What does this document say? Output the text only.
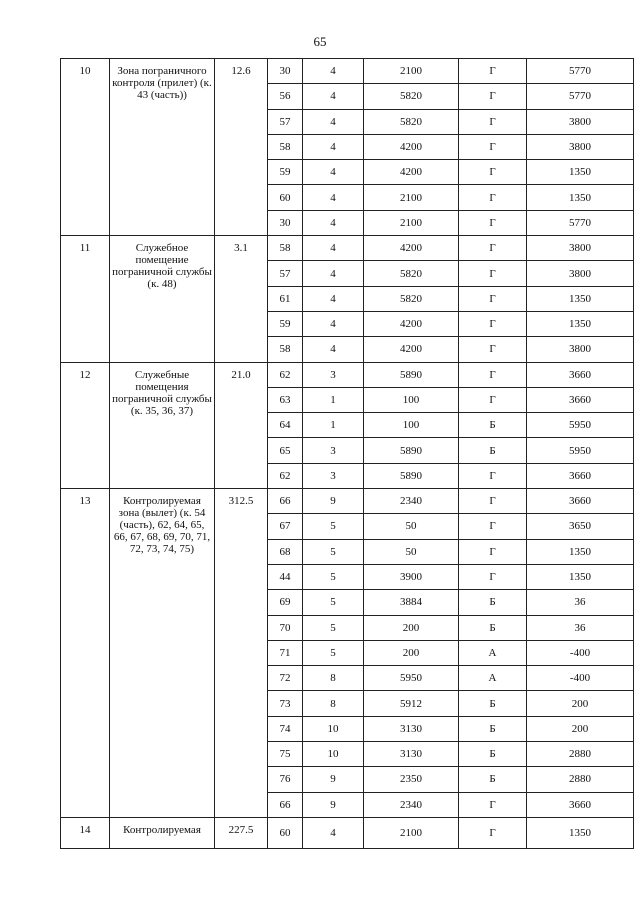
65
10	Зона пограничного контроля (прилет) (к. 43 (часть))	12.6	30	4	2100	Г	5770
			56	4	5820	Г	5770
			57	4	5820	Г	3800
			58	4	4200	Г	3800
			59	4	4200	Г	1350
			60	4	2100	Г	1350
			30	4	2100	Г	5770
11	Служебное помещение пограничной службы (к. 48)	3.1	58	4	4200	Г	3800
			57	4	5820	Г	3800
			61	4	5820	Г	1350
			59	4	4200	Г	1350
			58	4	4200	Г	3800
12	Служебные помещения пограничной службы (к. 35, 36, 37)	21.0	62	3	5890	Г	3660
			63	1	100	Г	3660
			64	1	100	Б	5950
			65	3	5890	Б	5950
			62	3	5890	Г	3660
13	Контролируемая зона (вылет) (к. 54 (часть), 62, 64, 65, 66, 67, 68, 69, 70, 71, 72, 73, 74, 75)	312.5	66	9	2340	Г	3660
			67	5	50	Г	3650
			68	5	50	Г	1350
			44	5	3900	Г	1350
			69	5	3884	Б	36
			70	5	200	Б	36
			71	5	200	А	-400
			72	8	5950	А	-400
			73	8	5912	Б	200
			74	10	3130	Б	200
			75	10	3130	Б	2880
			76	9	2350	Б	2880
			66	9	2340	Г	3660
14	Контролируемая	227.5	60	4	2100	Г	1350
